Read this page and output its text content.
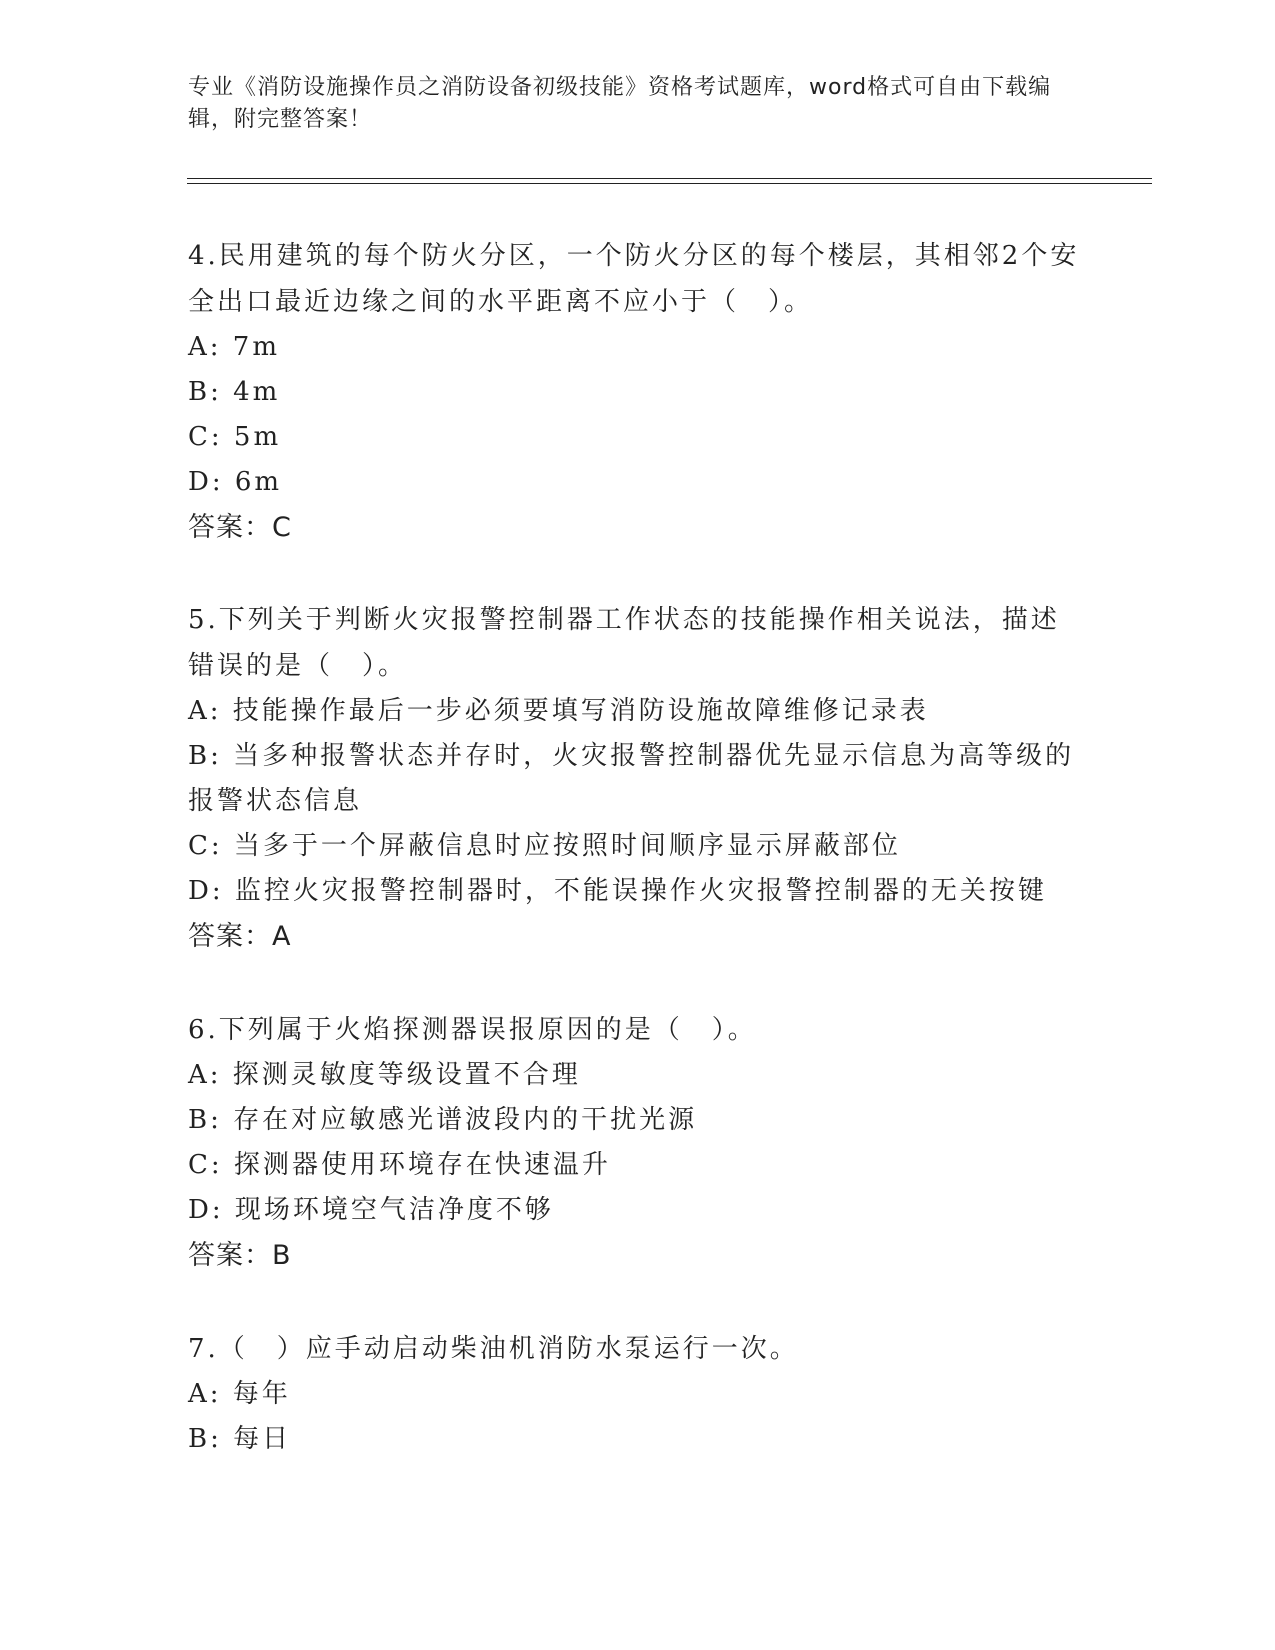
专业《消防设施操作员之消防设备初级技能》资格考试题库，word格式可自由下载编辑，附完整答案！

4.民用建筑的每个防火分区，一个防火分区的每个楼层，其相邻2个安全出口最近边缘之间的水平距离不应小于（　）。

A: 7m

B: 4m

C: 5m

D: 6m

答案：C

5.下列关于判断火灾报警控制器工作状态的技能操作相关说法，描述错误的是（　）。

A: 技能操作最后一步必须要填写消防设施故障维修记录表

B: 当多种报警状态并存时，火灾报警控制器优先显示信息为高等级的报警状态信息

C: 当多于一个屏蔽信息时应按照时间顺序显示屏蔽部位

D: 监控火灾报警控制器时，不能误操作火灾报警控制器的无关按键

答案：A

6.下列属于火焰探测器误报原因的是（　）。

A: 探测灵敏度等级设置不合理

B: 存在对应敏感光谱波段内的干扰光源

C: 探测器使用环境存在快速温升

D: 现场环境空气洁净度不够

答案：B

7.（　）应手动启动柴油机消防水泵运行一次。

A: 每年

B: 每日
